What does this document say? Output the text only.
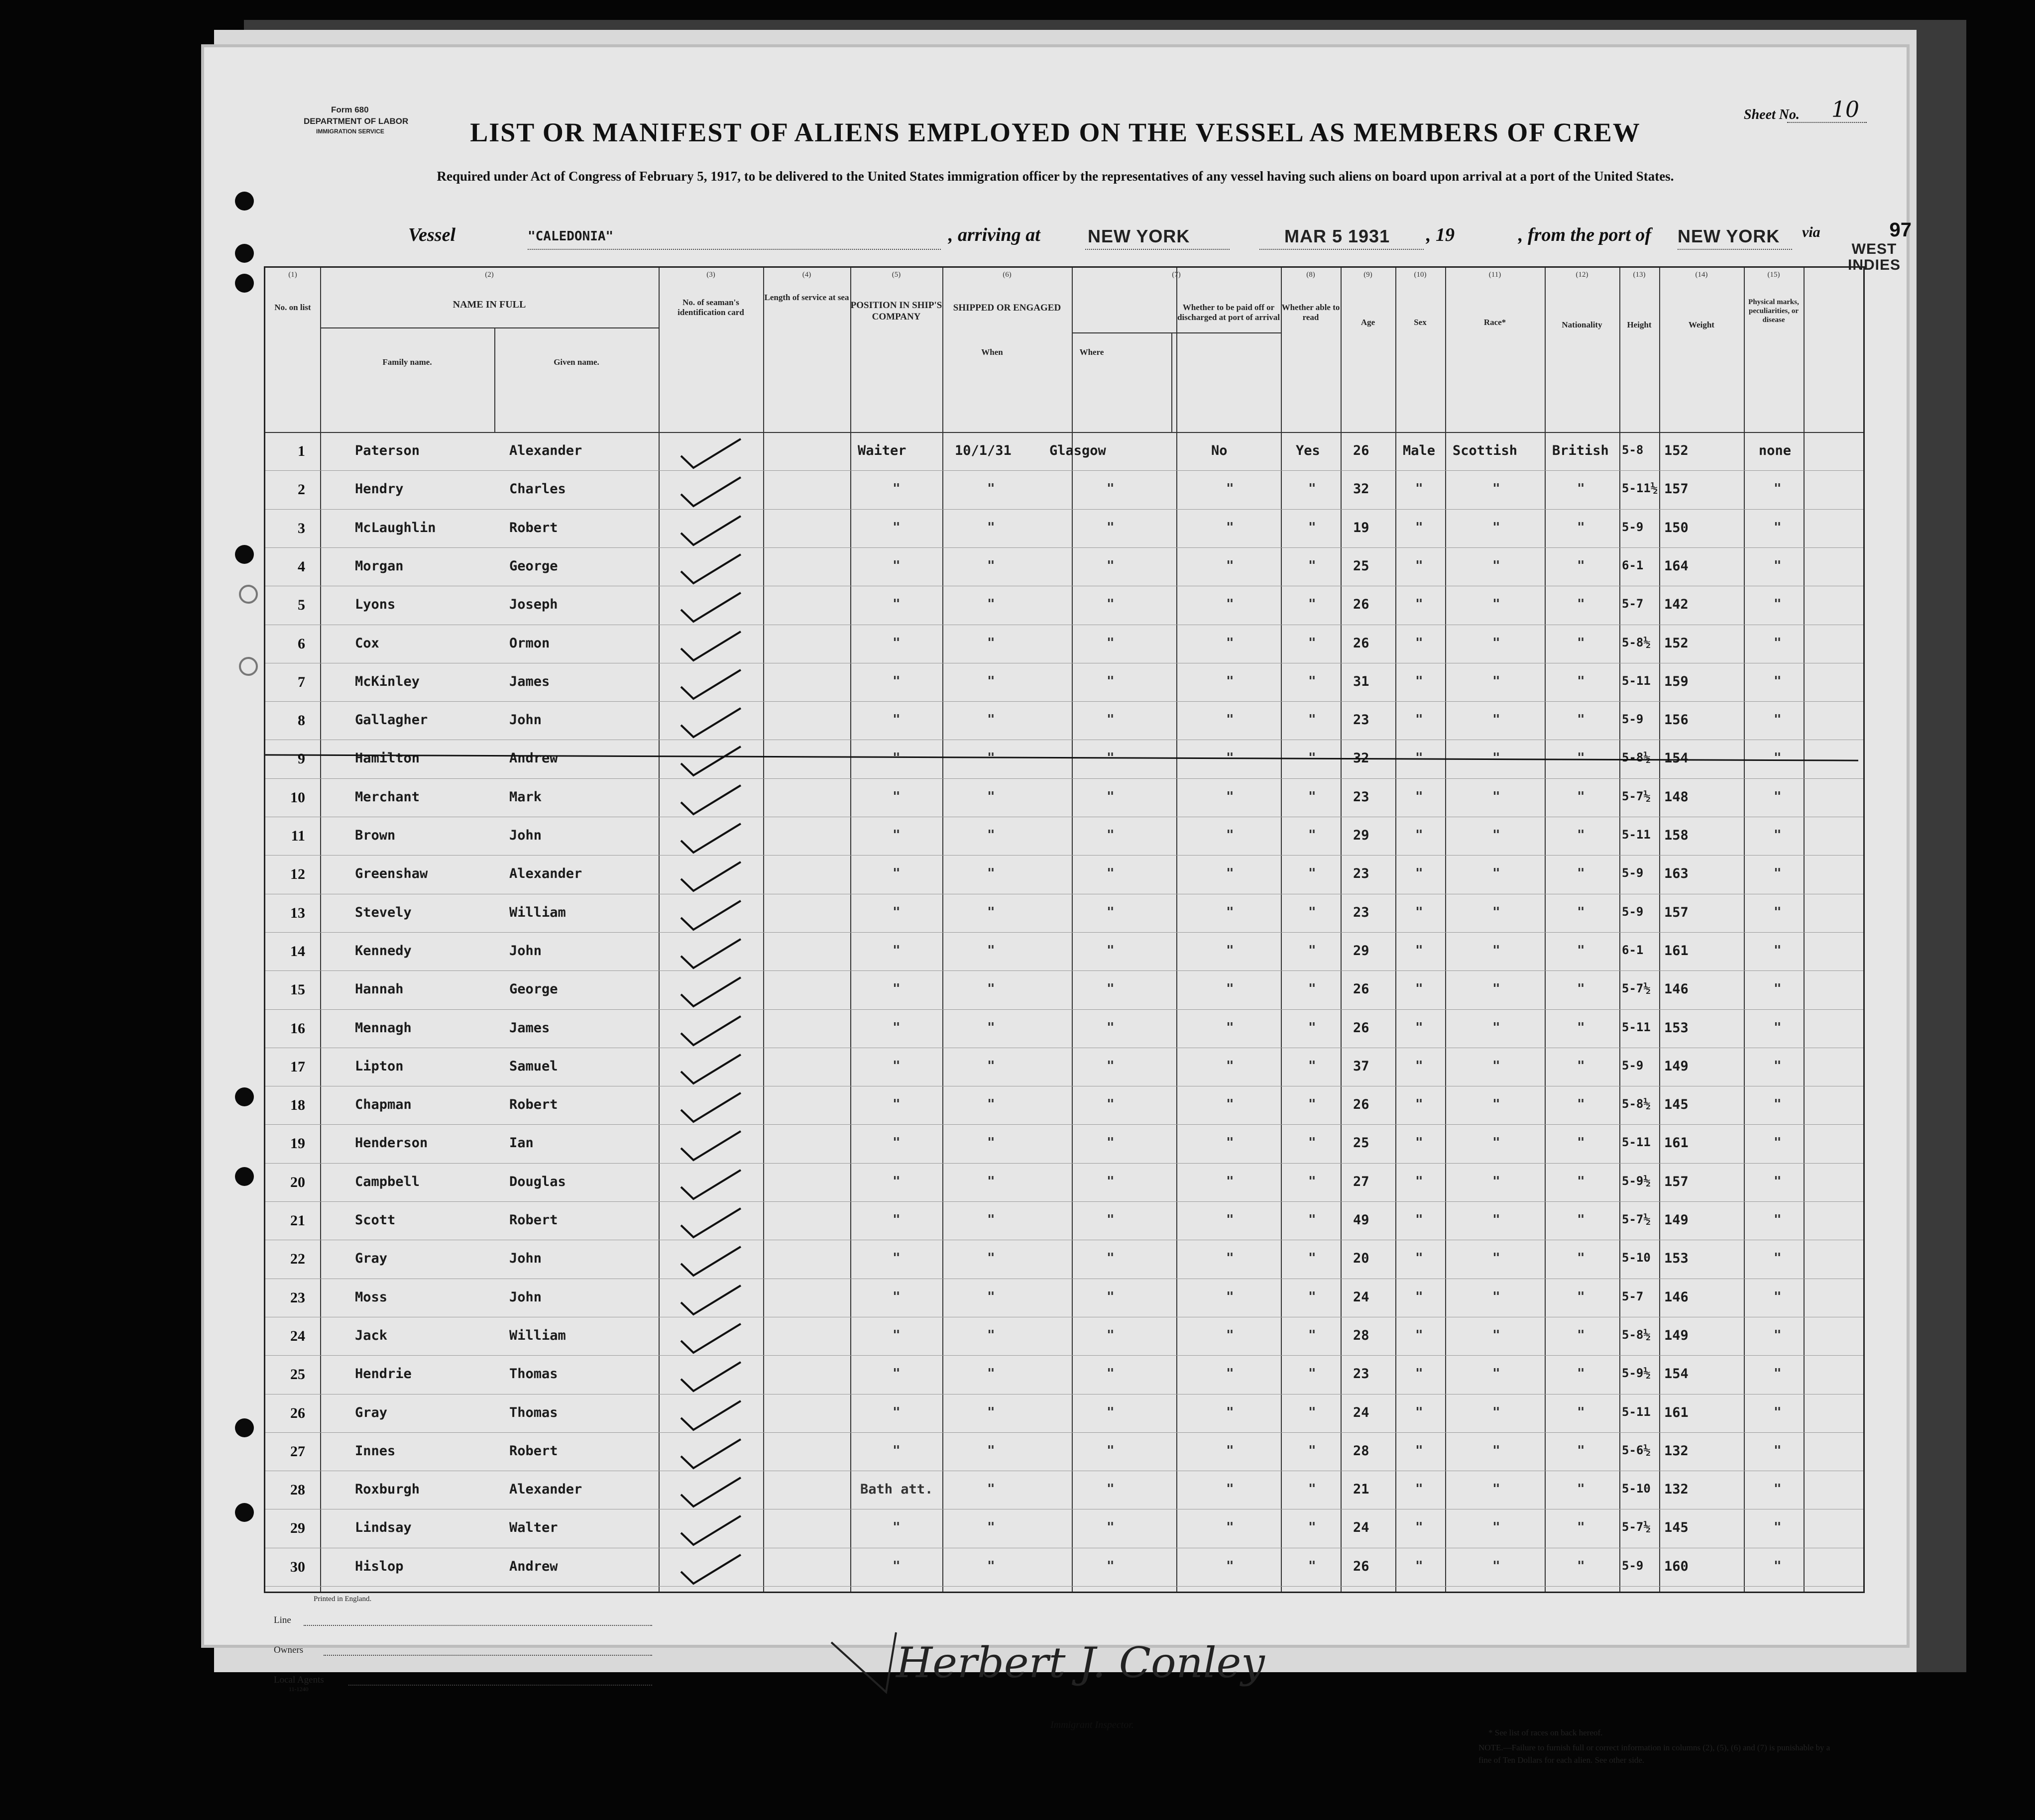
Form 680
DEPARTMENT OF LABOR
IMMIGRATION SERVICE
Sheet No. 10
LIST OR MANIFEST OF ALIENS EMPLOYED ON THE VESSEL AS MEMBERS OF CREW
Required under Act of Congress of February 5, 1917, to be delivered to the United States immigration officer by the representatives of any vessel having such aliens on board upon arrival at a port of the United States.
97
Vessel	"CALEDONIA"	, arriving at	NEW YORK	MAR 5 1931 , 19	, from the port of NEW YORK via
WEST INDIES
(1)	(2)	(3)	(4)	(5)	(6)	(7)	(8)	(9)	(10)	(11)	(12)	(13)	(14)	(15)
No. on list	NAME IN FULL
Family name.	Given name.
No. of seaman's identification card
Length of service at sea
POSITION IN SHIP'S COMPANY
SHIPPED OR ENGAGED
When	Where
Whether to be paid off or discharged at port of arrival
Whether able to read
Age	Sex	Race*	Nationality	Height	Weight
Physical marks, peculiarities, or disease
1	Paterson	Alexander	Waiter	10/1/31	Glasgow	No	Yes	Male Scottish	British	none
26	5-8 152
2	Hendry	Charles	"	"	"	"	"	"	"	"	"
32	5-11½ 157
3	McLaughlin	Robert	"	"	"	"	"	"	"	"	"
19	5-9 150
4	Morgan	George	"	"	"	"	"	"	"	"	"
25	6-1 164
5	Lyons	Joseph	"	"	"	"	"	"	"	"	"
26	5-7 142
6	Cox	Ormon	"	"	"	"	"	"	"	"	"
26	5-8½ 152
7	McKinley	James	"	"	"	"	"	"	"	"	"
31	5-11 159
8	Gallagher	John	"	"	"	"	"	"	"	"	"
23	5-9 156
9	Hamilton	Andrew	"	"	"	"	"	"	"	"	"
32	5-8½ 154
10	Merchant	Mark	"	"	"	"	"	"	"	"	"
23	5-7½ 148
11	Brown	John	"	"	"	"	"	"	"	"	"
29	5-11 158
12	Greenshaw	Alexander	"	"	"	"	"	"	"	"	"
23	5-9 163
13	Stevely	William	"	"	"	"	"	"	"	"	"
23	5-9 157
14	Kennedy	John	"	"	"	"	"	"	"	"	"
29	6-1 161
15	Hannah	George	"	"	"	"	"	"	"	"	"
26	5-7½ 146
16	Mennagh	James	"	"	"	"	"	"	"	"	"
26	5-11 153
17	Lipton	Samuel	"	"	"	"	"	"	"	"	"
37	5-9 149
18	Chapman	Robert	"	"	"	"	"	"	"	"	"
26	5-8½ 145
19	Henderson	Ian	"	"	"	"	"	"	"	"	"
25	5-11 161
20	Campbell	Douglas	"	"	"	"	"	"	"	"	"
27	5-9½ 157
21	Scott	Robert	"	"	"	"	"	"	"	"	"
49	5-7½ 149
22	Gray	John	"	"	"	"	"	"	"	"	"
20	5-10 153
23	Moss	John	"	"	"	"	"	"	"	"	"
24	5-7 146
24	Jack	William	"	"	"	"	"	"	"	"	"
28	5-8½ 149
25	Hendrie	Thomas	"	"	"	"	"	"	"	"	"
23	5-9½ 154
26	Gray	Thomas	"	"	"	"	"	"	"	"	"
24	5-11 161
27	Innes	Robert	"	"	"	"	"	"	"	"	"
28	5-6½ 132
28	Roxburgh	Alexander	Bath att.	"	"	"	"	"	"	"	"
21	5-10 132
29	Lindsay	Walter	"	"	"	"	"	"	"	"	"
24	5-7½ 145
30	Hislop	Andrew	"	"	"	"	"	"	"	"	"
26	5-9 160
Printed in England.
Line
Owners
Local Agents
11-1240
* See list of races on back hereof.
NOTE.—Failure to furnish full or correct information in columns (2), (5), (6) and (7) is punishable by a fine of Ten Dollars for each alien. See other side.
Immigrant Inspector.
Herbert J. Conley
